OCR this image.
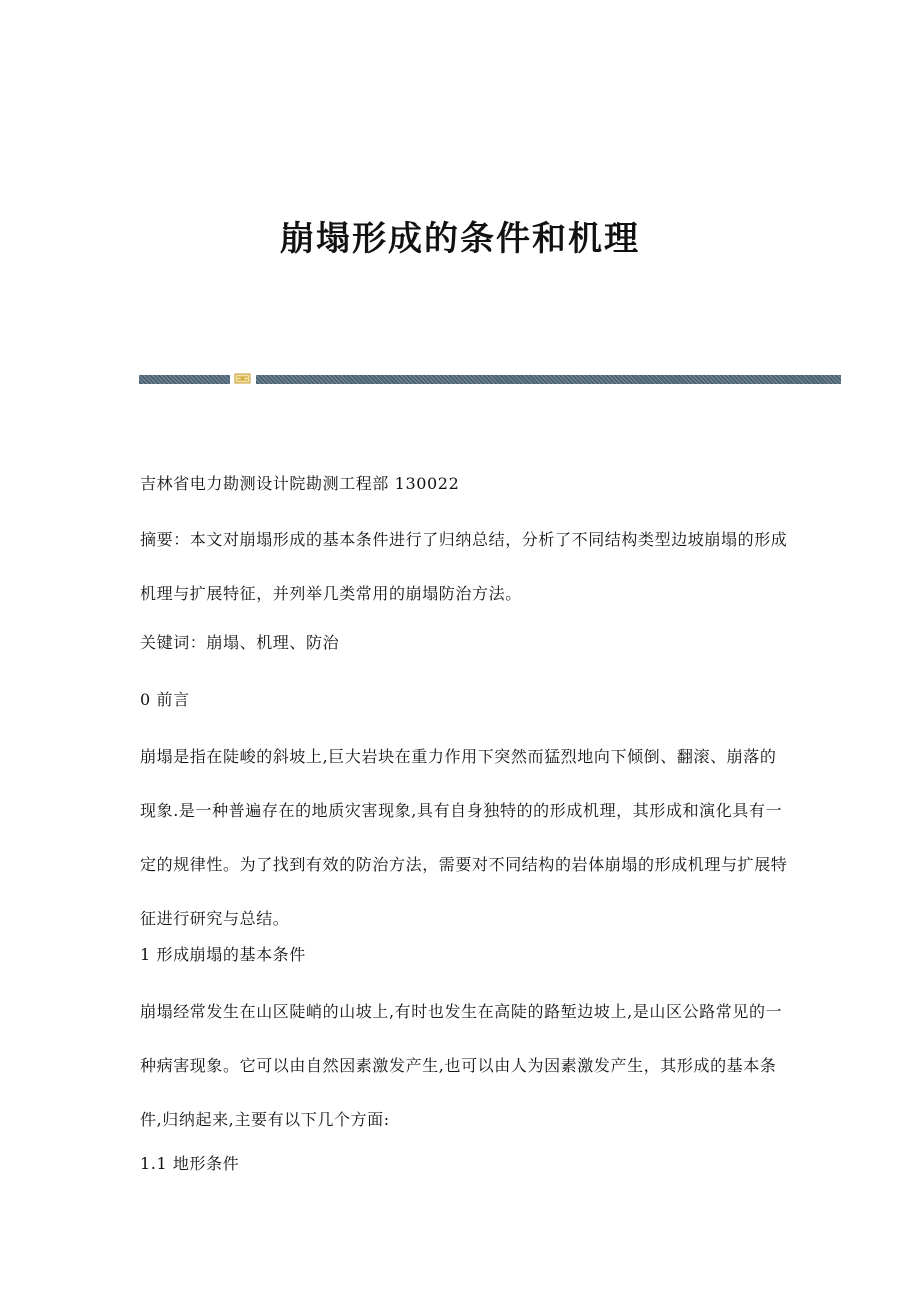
崩塌形成的条件和机理

吉林省电力勘测设计院勘测工程部 130022

摘要：本文对崩塌形成的基本条件进行了归纳总结，分析了不同结构类型边坡崩塌的形成机理与扩展特征，并列举几类常用的崩塌防治方法。

关键词：崩塌、机理、防治

0 前言

崩塌是指在陡峻的斜坡上,巨大岩块在重力作用下突然而猛烈地向下倾倒、翻滚、崩落的现象.是一种普遍存在的地质灾害现象,具有自身独特的的形成机理，其形成和演化具有一定的规律性。为了找到有效的防治方法，需要对不同结构的岩体崩塌的形成机理与扩展特征进行研究与总结。

1 形成崩塌的基本条件

崩塌经常发生在山区陡峭的山坡上,有时也发生在高陡的路堑边坡上,是山区公路常见的一种病害现象。它可以由自然因素激发产生,也可以由人为因素激发产生，其形成的基本条件,归纳起来,主要有以下几个方面:

1.1 地形条件
